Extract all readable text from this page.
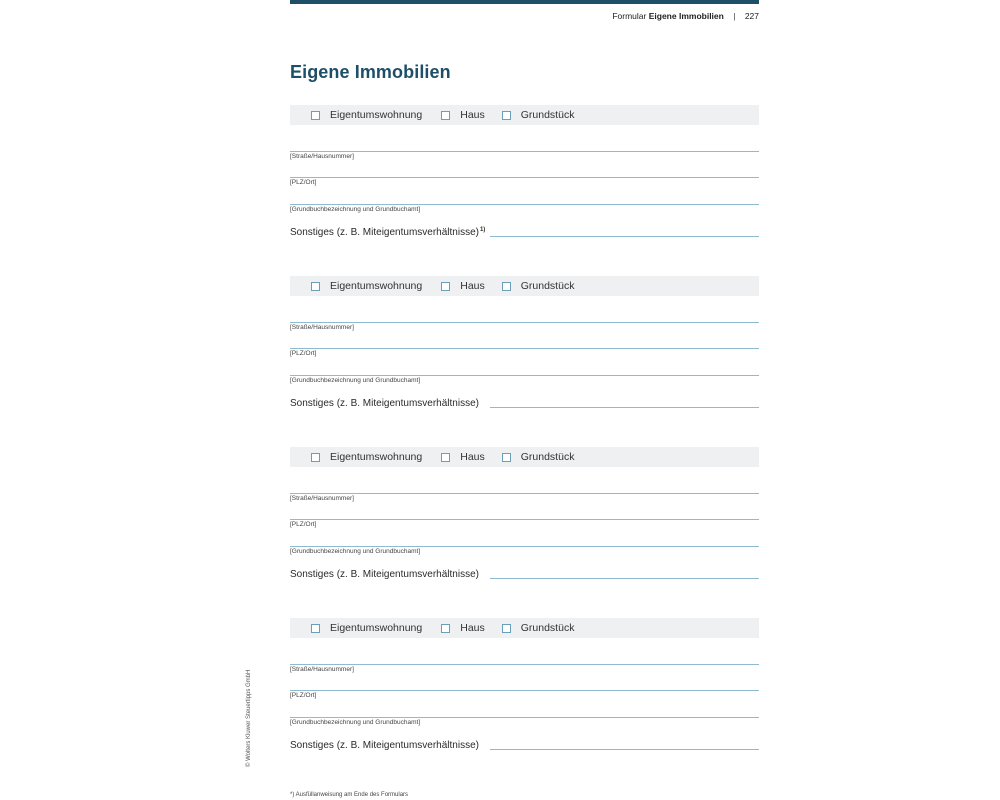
Formular Eigene Immobilien | 227
Eigene Immobilien
Eigentumswohnung	Haus	Grundstück
[Straße/Hausnummer]
[PLZ/Ort]
[Grundbuchbezeichnung und Grundbuchamt]
Sonstiges (z. B. Miteigentumsverhältnisse)$^{1)}$
Eigentumswohnung	Haus	Grundstück
[Straße/Hausnummer]
[PLZ/Ort]
[Grundbuchbezeichnung und Grundbuchamt]
Sonstiges (z. B. Miteigentumsverhältnisse)
Eigentumswohnung	Haus	Grundstück
[Straße/Hausnummer]
[PLZ/Ort]
[Grundbuchbezeichnung und Grundbuchamt]
Sonstiges (z. B. Miteigentumsverhältnisse)
Eigentumswohnung	Haus	Grundstück
[Straße/Hausnummer]
[PLZ/Ort]
[Grundbuchbezeichnung und Grundbuchamt]
Sonstiges (z. B. Miteigentumsverhältnisse)
© Wolters Kluwer Steuertipps GmbH
*) Ausfüllanweisung am Ende des Formulars
